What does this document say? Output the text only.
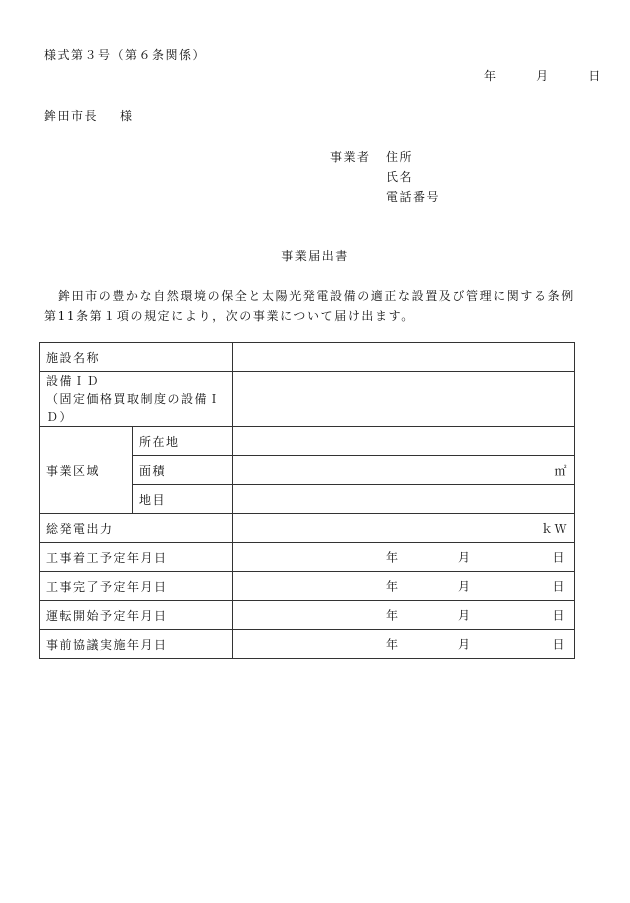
様式第３号（第６条関係）
年	月	日
鉾田市長 様
事業者 住所
氏名
電話番号
事業届出書
鉾田市の豊かな自然環境の保全と太陽光発電設備の適正な設置及び管理に関する条例第11条第１項の規定により，次の事業について届け出ます。
施設名称		

設備ＩＤ
（固定価格買取制度の設備ＩＤ）		

事業区域	所在地	
	面積	㎡
	地目	
総発電出力		ｋＷ
工事着工予定年月日		年 月 日

工事完了予定年月日		年 月 日

運転開始予定年月日		年 月 日

事前協議実施年月日		年 月 日
